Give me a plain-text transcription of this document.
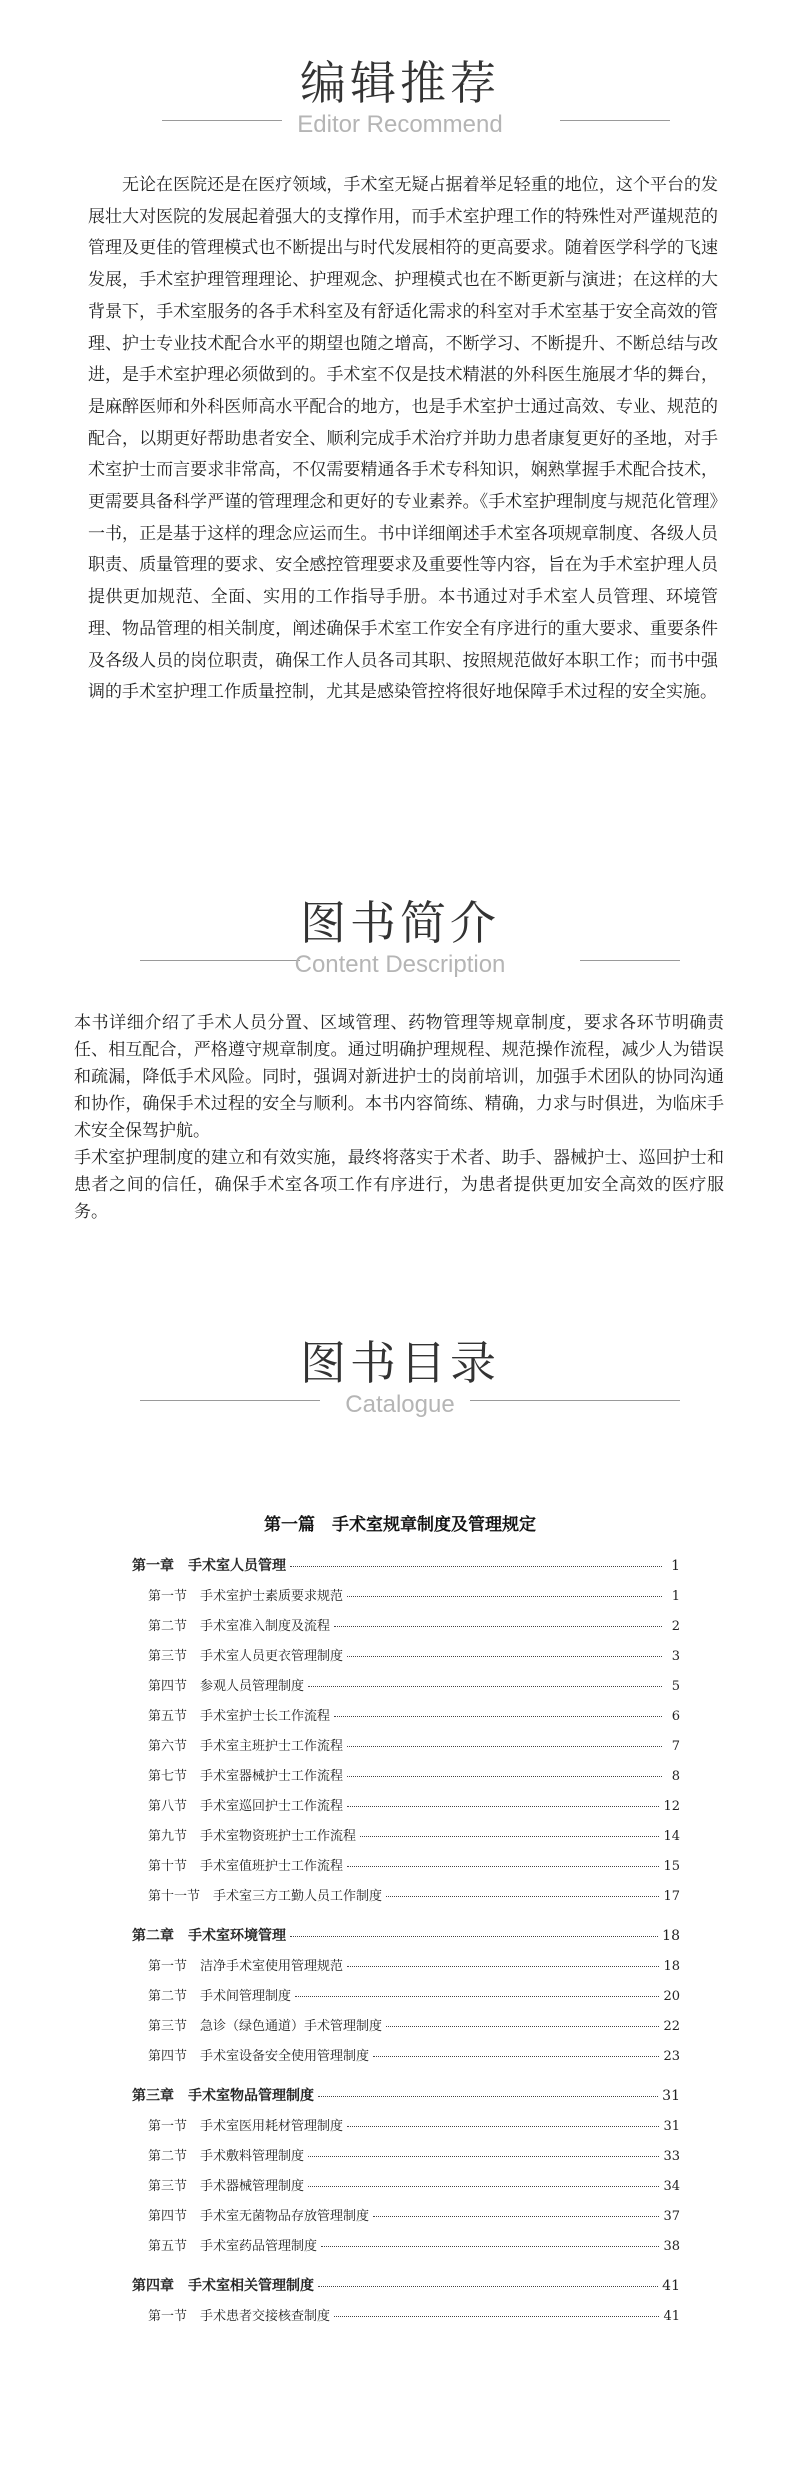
编辑推荐
Editor Recommend

无论在医院还是在医疗领域，手术室无疑占据着举足轻重的地位，这个平台的发展壮大对医院的发展起着强大的支撑作用，而手术室护理工作的特殊性对严谨规范的管理及更佳的管理模式也不断提出与时代发展相符的更高要求。随着医学科学的飞速发展，手术室护理管理理论、护理观念、护理模式也在不断更新与演进；在这样的大背景下，手术室服务的各手术科室及有舒适化需求的科室对手术室基于安全高效的管理、护士专业技术配合水平的期望也随之增高，不断学习、不断提升、不断总结与改进，是手术室护理必须做到的。手术室不仅是技术精湛的外科医生施展才华的舞台，是麻醉医师和外科医师高水平配合的地方，也是手术室护士通过高效、专业、规范的配合，以期更好帮助患者安全、顺利完成手术治疗并助力患者康复更好的圣地，对手术室护士而言要求非常高，不仅需要精通各手术专科知识，娴熟掌握手术配合技术，更需要具备科学严谨的管理理念和更好的专业素养。《手术室护理制度与规范化管理》一书，正是基于这样的理念应运而生。书中详细阐述手术室各项规章制度、各级人员职责、质量管理的要求、安全感控管理要求及重要性等内容，旨在为手术室护理人员提供更加规范、全面、实用的工作指导手册。本书通过对手术室人员管理、环境管理、物品管理的相关制度，阐述确保手术室工作安全有序进行的重大要求、重要条件及各级人员的岗位职责，确保工作人员各司其职、按照规范做好本职工作；而书中强调的手术室护理工作质量控制，尤其是感染管控将很好地保障手术过程的安全实施。

图书简介
Content Description

本书详细介绍了手术人员分置、区域管理、药物管理等规章制度，要求各环节明确责任、相互配合，严格遵守规章制度。通过明确护理规程、规范操作流程，减少人为错误和疏漏，降低手术风险。同时，强调对新进护士的岗前培训，加强手术团队的协同沟通和协作，确保手术过程的安全与顺利。本书内容简练、精确，力求与时俱进，为临床手术安全保驾护航。

手术室护理制度的建立和有效实施，最终将落实于术者、助手、器械护士、巡回护士和患者之间的信任，确保手术室各项工作有序进行，为患者提供更加安全高效的医疗服务。

图书目录
Catalogue
第一篇　手术室规章制度及管理规定
第一章　手术室人员管理	1
第一节　手术室护士素质要求规范	1
第二节　手术室准入制度及流程	2
第三节　手术室人员更衣管理制度	3
第四节　参观人员管理制度	5
第五节　手术室护士长工作流程	6
第六节　手术室主班护士工作流程	7
第七节　手术室器械护士工作流程	8
第八节　手术室巡回护士工作流程	12
第九节　手术室物资班护士工作流程	14
第十节　手术室值班护士工作流程	15
第十一节　手术室三方工勤人员工作制度	17
第二章　手术室环境管理	18
第一节　洁净手术室使用管理规范	18
第二节　手术间管理制度	20
第三节　急诊（绿色通道）手术管理制度	22
第四节　手术室设备安全使用管理制度	23
第三章　手术室物品管理制度	31
第一节　手术室医用耗材管理制度	31
第二节　手术敷料管理制度	33
第三节　手术器械管理制度	34
第四节　手术室无菌物品存放管理制度	37
第五节　手术室药品管理制度	38
第四章　手术室相关管理制度	41
第一节　手术患者交接核查制度	41
